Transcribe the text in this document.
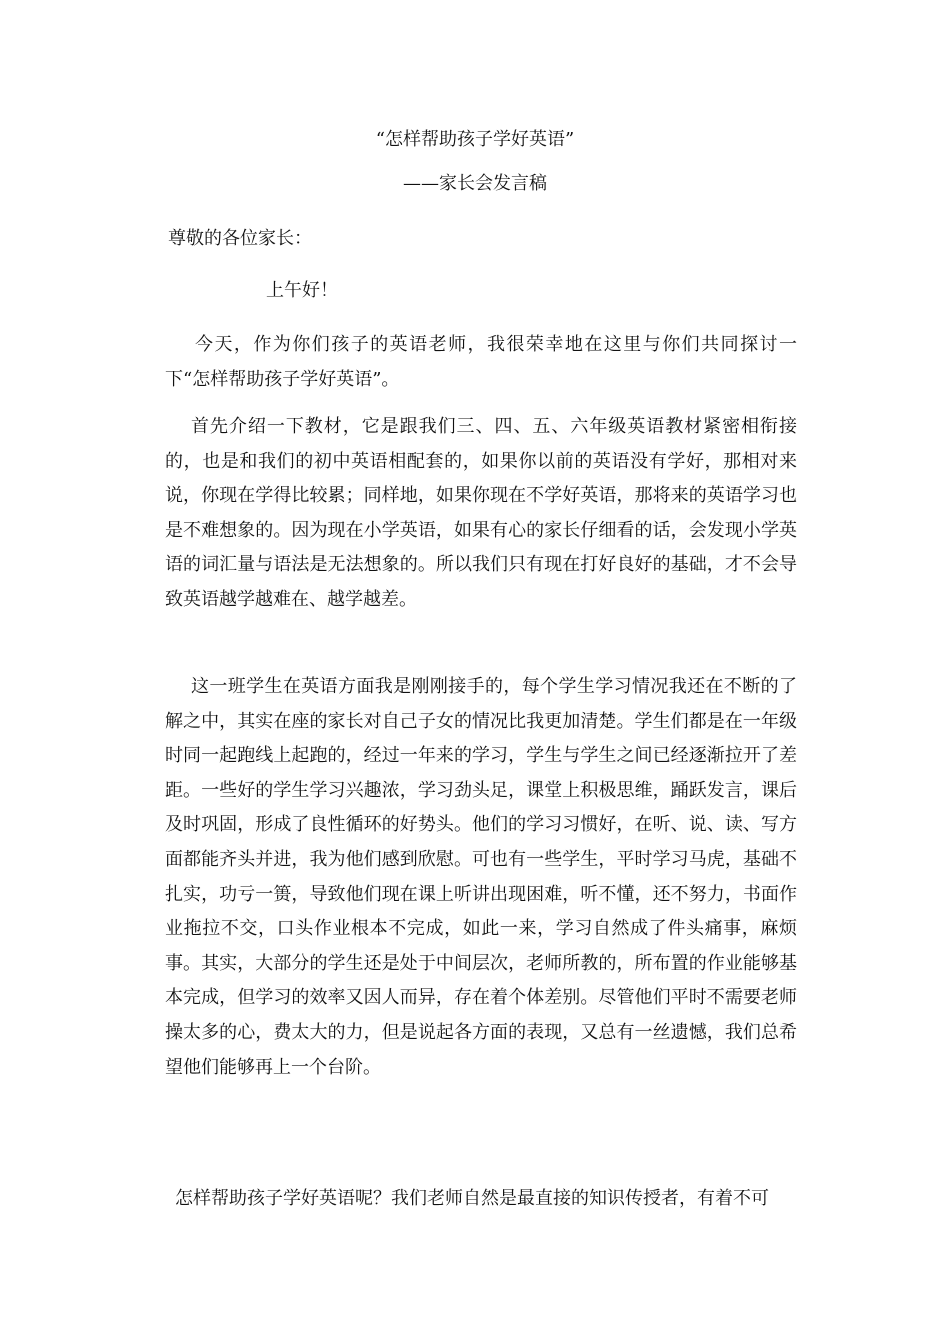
“怎样帮助孩子学好英语”

——家长会发言稿

尊敬的各位家长：

上午好！

今天，作为你们孩子的英语老师，我很荣幸地在这里与你们共同探讨一下“怎样帮助孩子学好英语”。

首先介绍一下教材，它是跟我们三、四、五、六年级英语教材紧密相衔接的，也是和我们的初中英语相配套的，如果你以前的英语没有学好，那相对来说，你现在学得比较累；同样地，如果你现在不学好英语，那将来的英语学习也是不难想象的。因为现在小学英语，如果有心的家长仔细看的话，会发现小学英语的词汇量与语法是无法想象的。所以我们只有现在打好良好的基础，才不会导致英语越学越难在、越学越差。

这一班学生在英语方面我是刚刚接手的，每个学生学习情况我还在不断的了解之中，其实在座的家长对自己子女的情况比我更加清楚。学生们都是在一年级时同一起跑线上起跑的，经过一年来的学习，学生与学生之间已经逐渐拉开了差距。一些好的学生学习兴趣浓，学习劲头足，课堂上积极思维，踊跃发言，课后及时巩固，形成了良性循环的好势头。他们的学习习惯好，在听、说、读、写方面都能齐头并进，我为他们感到欣慰。可也有一些学生，平时学习马虎，基础不扎实，功亏一篑，导致他们现在课上听讲出现困难，听不懂，还不努力，书面作业拖拉不交，口头作业根本不完成，如此一来，学习自然成了件头痛事，麻烦事。其实，大部分的学生还是处于中间层次，老师所教的，所布置的作业能够基本完成，但学习的效率又因人而异，存在着个体差别。尽管他们平时不需要老师操太多的心，费太大的力，但是说起各方面的表现，又总有一丝遗憾，我们总希望他们能够再上一个台阶。

怎样帮助孩子学好英语呢？我们老师自然是最直接的知识传授者，有着不可
